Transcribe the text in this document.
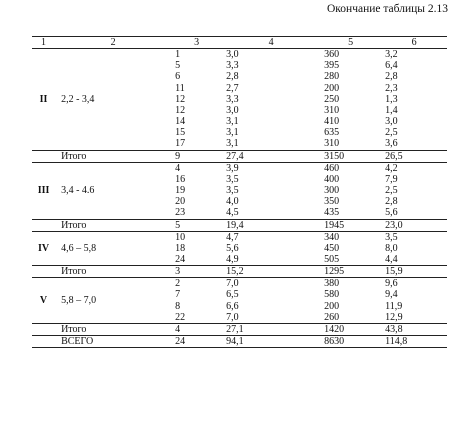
Окончание таблицы 2.13
1	2	3	4	5	6
II	2,2 - 3,4	1	3,0	360	3,2
		5	3,3	395	6,4
		6	2,8	280	2,8
		11	2,7	200	2,3
		12	3,3	250	1,3
		12	3,0	310	1,4
		14	3,1	410	3,0
		15	3,1	635	2,5
		17	3,1	310	3,6
	Итого	9	27,4	3150	26,5
III	3,4 - 4.6	4	3,9	460	4,2
		16	3,5	400	7,9
		19	3,5	300	2,5
		20	4,0	350	2,8
		23	4,5	435	5,6
	Итого	5	19,4	1945	23,0
IV	4,6 – 5,8	10	4,7	340	3,5
		18	5,6	450	8,0
		24	4,9	505	4,4
	Итого	3	15,2	1295	15,9
V	5,8 – 7,0	2	7,0	380	9,6
		7	6,5	580	9,4
		8	6,6	200	11,9
		22	7,0	260	12,9
	Итого	4	27,1	1420	43,8
	ВСЕГО	24	94,1	8630	114,8
